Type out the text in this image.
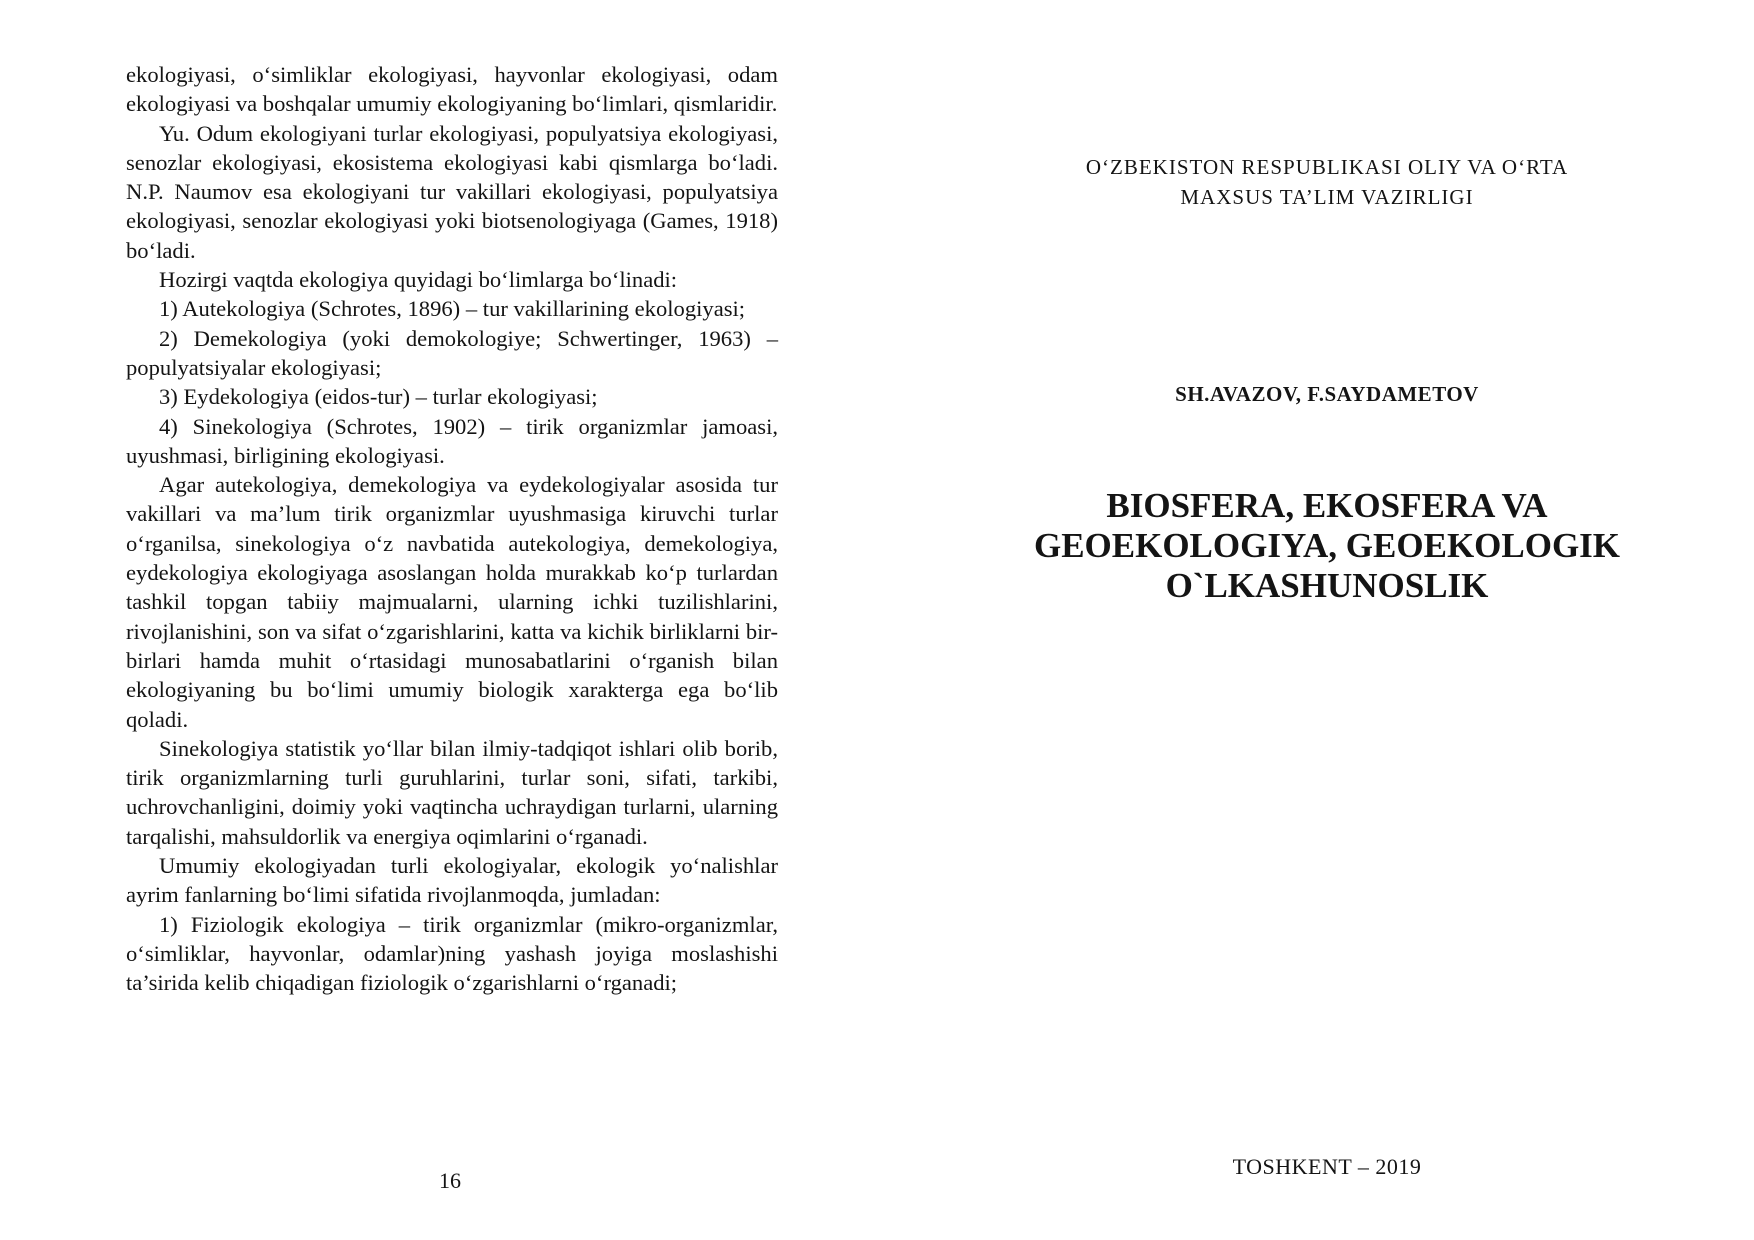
ekologiyasi, o‘simliklar ekologiyasi, hayvonlar ekologiyasi, odam ekologiyasi va boshqalar umumiy ekologiyaning bo‘limlari, qismlaridir.

Yu. Odum ekologiyani turlar ekologiyasi, populyatsiya ekologiyasi, senozlar ekologiyasi, ekosistema ekologiyasi kabi qismlarga bo‘ladi. N.P. Naumov esa ekologiyani tur vakillari ekologiyasi, populyatsiya ekologiyasi, senozlar ekologiyasi yoki biotsenologiyaga (Games, 1918) bo‘ladi.

Hozirgi vaqtda ekologiya quyidagi bo‘limlarga bo‘linadi:

1) Autekologiya (Schrotes, 1896) – tur vakillarining ekologiyasi;

2) Demekologiya (yoki demokologiye; Schwertinger, 1963) – populyatsiyalar ekologiyasi;

3) Eydekologiya (eidos-tur) – turlar ekologiyasi;

4) Sinekologiya (Schrotes, 1902) – tirik organizmlar jamoasi, uyushmasi, birligining ekologiyasi.

Agar autekologiya, demekologiya va eydekologiyalar asosida tur vakillari va ma’lum tirik organizmlar uyushmasiga kiruvchi turlar o‘rganilsa, sinekologiya o‘z navbatida autekologiya, demekologiya, eydekologiya ekologiyaga asoslangan holda murakkab ko‘p turlardan tashkil topgan tabiiy majmualarni, ularning ichki tuzilishlarini, rivojlanishini, son va sifat o‘zgarishlarini, katta va kichik birliklarni bir-birlari hamda muhit o‘rtasidagi munosabatlarini o‘rganish bilan ekologiyaning bu bo‘limi umumiy biologik xarakterga ega bo‘lib qoladi.

Sinekologiya statistik yo‘llar bilan ilmiy-tadqiqot ishlari olib borib, tirik organizmlarning turli guruhlarini, turlar soni, sifati, tarkibi, uchrovchanligini, doimiy yoki vaqtincha uchraydigan turlarni, ularning tarqalishi, mahsuldorlik va energiya oqimlarini o‘rganadi.

Umumiy ekologiyadan turli ekologiyalar, ekologik yo‘nalishlar ayrim fanlarning bo‘limi sifatida rivojlanmoqda, jumladan:

1) Fiziologik ekologiya – tirik organizmlar (mikro-organizmlar, o‘simliklar, hayvonlar, odamlar)ning yashash joyiga moslashishi ta’sirida kelib chiqadigan fiziologik o‘zgarishlarni o‘rganadi;

16
O‘ZBEKISTON RESPUBLIKASI OLIY VA O‘RTA
MAXSUS TA’LIM VAZIRLIGI
SH.AVAZOV, F.SAYDAMETOV
BIOSFERA, EKOSFERA VA
GEOEKOLOGIYA, GEOEKOLOGIK
O`LKASHUNOSLIK
TOSHKENT – 2019
